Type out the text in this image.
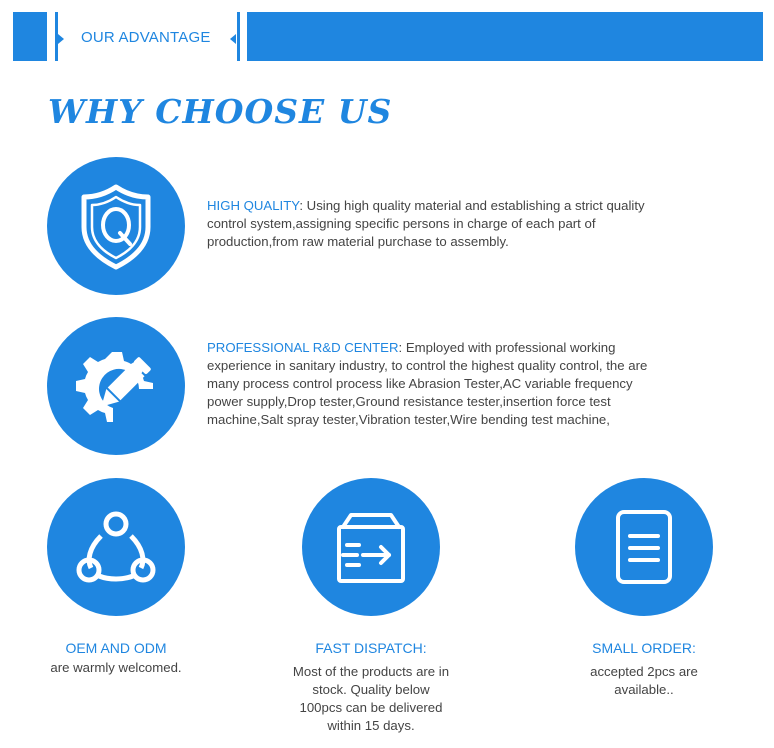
OUR ADVANTAGE
WHY CHOOSE US
HIGH QUALITY: Using high quality material and establishing a strict quality control system,assigning specific persons in charge of each part of production,from raw material purchase to assembly.
PROFESSIONAL R&D CENTER: Employed with professional working experience in sanitary industry, to control the highest quality control, the are many process control process like Abrasion Tester,AC variable frequency power supply,Drop tester,Ground resistance tester,insertion force test machine,Salt spray tester,Vibration tester,Wire bending test machine,
OEM AND ODM
are warmly welcomed.
FAST DISPATCH:
Most of the products are in stock. Quality below 100pcs can be delivered within 15 days.
SMALL ORDER:
accepted 2pcs are available..
